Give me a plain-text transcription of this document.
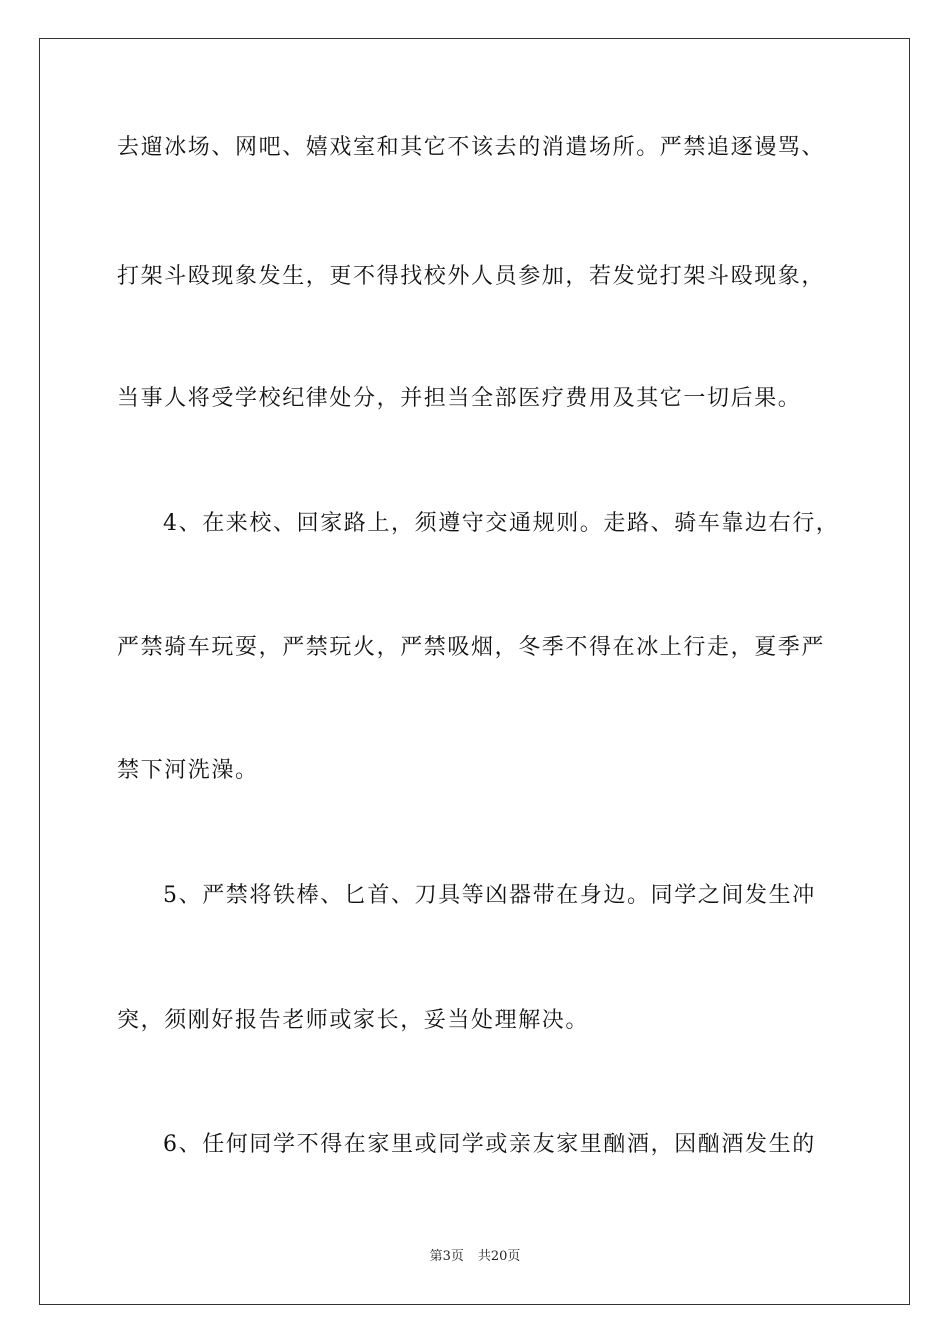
去遛冰场、网吧、嬉戏室和其它不该去的消遣场所。严禁追逐谩骂、
打架斗殴现象发生，更不得找校外人员参加，若发觉打架斗殴现象，
当事人将受学校纪律处分，并担当全部医疗费用及其它一切后果。
4、在来校、回家路上，须遵守交通规则。走路、骑车靠边右行，
严禁骑车玩耍，严禁玩火，严禁吸烟，冬季不得在冰上行走，夏季严
禁下河洗澡。
5、严禁将铁棒、匕首、刀具等凶器带在身边。同学之间发生冲
突，须刚好报告老师或家长，妥当处理解决。
6、任何同学不得在家里或同学或亲友家里酗酒，因酗酒发生的
第3页 共20页
